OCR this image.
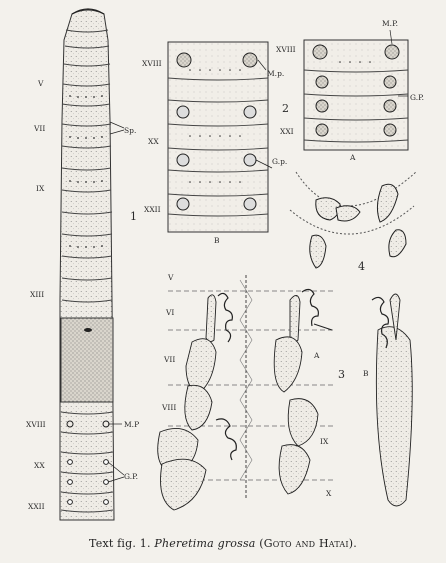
V
VII
IX
XIII
XVIII
XX
XXII
Sp.
M.P
G.P.
XVIII
XX
XXII
M.p.
G.p.
B
XVIII
XXI
M.P.
G.P.
A
V
VI
VII
VIII
IX
X
A
B
1
2
3
4
Text fig. 1. Pheretima grossa (Goto and Hatai).
